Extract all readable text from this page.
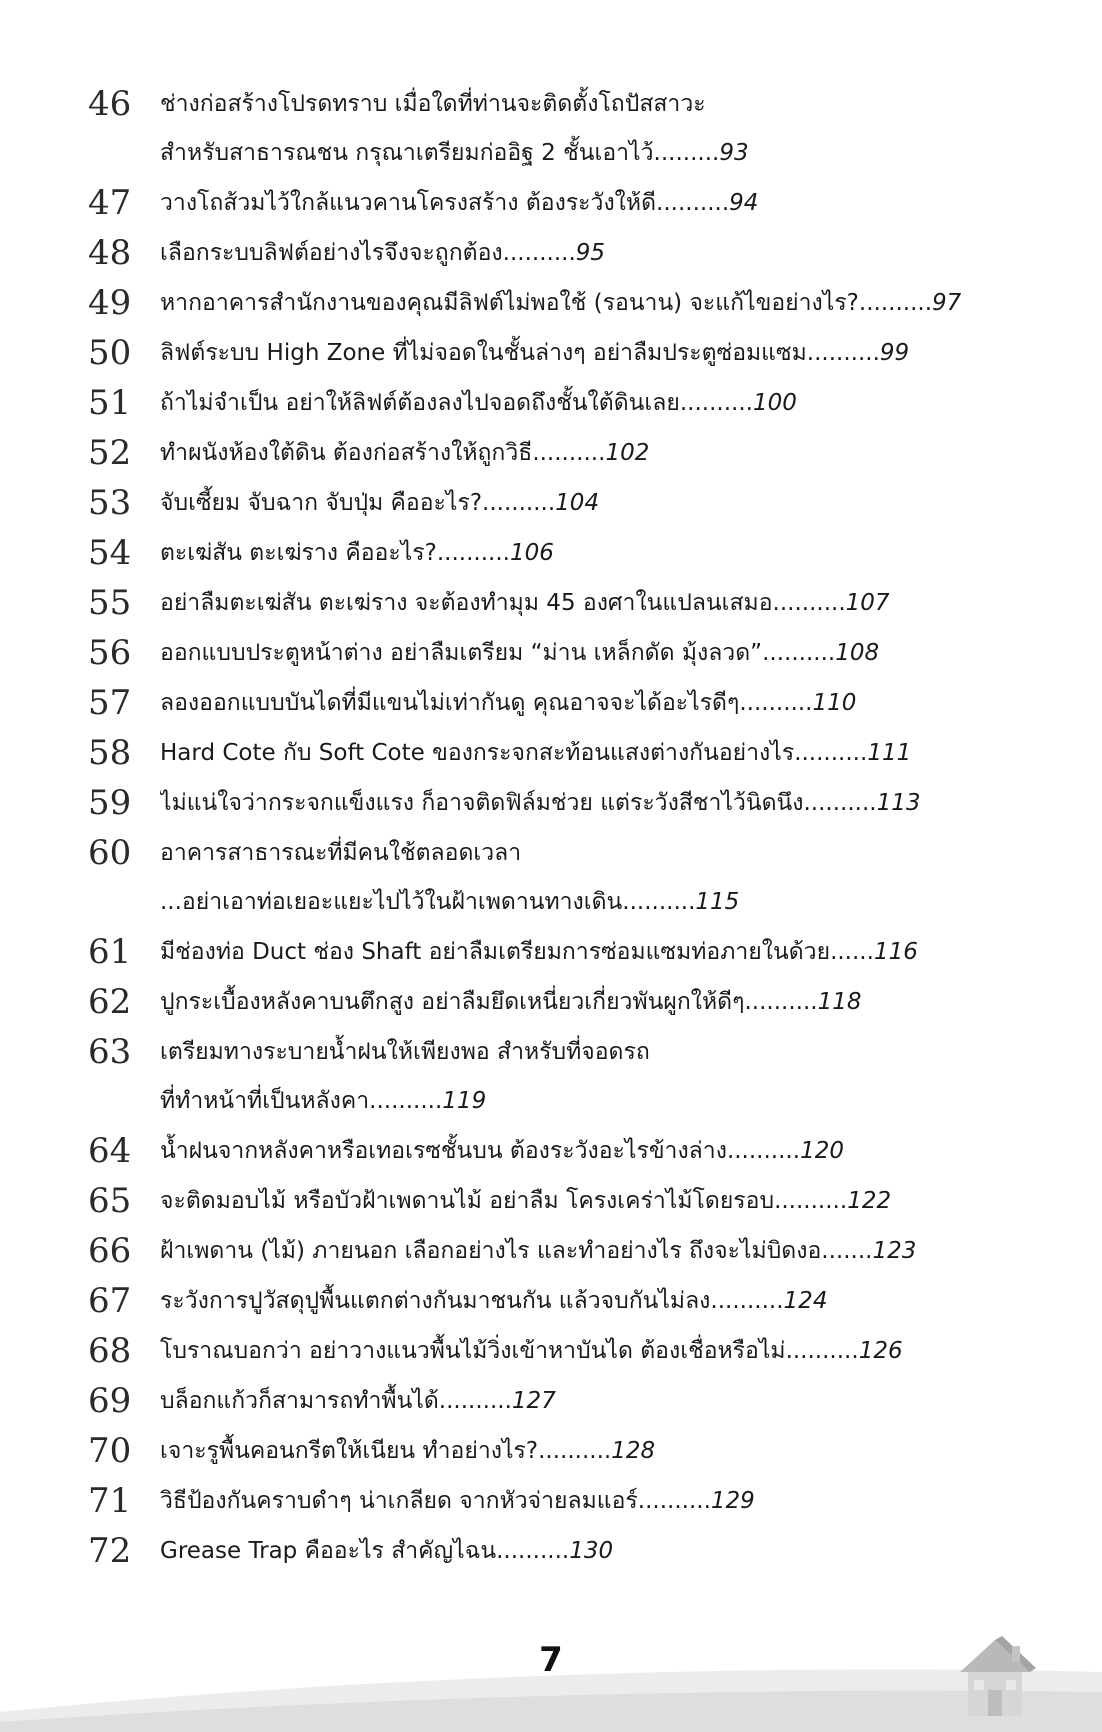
46	ช่างก่อสร้างโปรดทราบ เมื่อใดที่ท่านจะติดตั้งโถปัสสาวะ
สำหรับสาธารณชน กรุณาเตรียมก่ออิฐ 2 ชั้นเอาไว้.........93
47	วางโถส้วมไว้ใกล้แนวคานโครงสร้าง ต้องระวังให้ดี..........94
48	เลือกระบบลิฟต์อย่างไรจึงจะถูกต้อง..........95
49	หากอาคารสำนักงานของคุณมีลิฟต์ไม่พอใช้ (รอนาน) จะแก้ไขอย่างไร?..........97
50	ลิฟต์ระบบ High Zone ที่ไม่จอดในชั้นล่างๆ อย่าลืมประตูซ่อมแซม..........99
51	ถ้าไม่จำเป็น อย่าให้ลิฟต์ต้องลงไปจอดถึงชั้นใต้ดินเลย..........100
52	ทำผนังห้องใต้ดิน ต้องก่อสร้างให้ถูกวิธี..........102
53	จับเซี้ยม จับฉาก จับปุ่ม คืออะไร?..........104
54	ตะเฆ่สัน ตะเฆ่ราง คืออะไร?..........106
55	อย่าลืมตะเฆ่สัน ตะเฆ่ราง จะต้องทำมุม 45 องศาในแปลนเสมอ..........107
56	ออกแบบประตูหน้าต่าง อย่าลืมเตรียม “ม่าน เหล็กดัด มุ้งลวด”..........108
57	ลองออกแบบบันไดที่มีแขนไม่เท่ากันดู คุณอาจจะได้อะไรดีๆ..........110
58	Hard Cote กับ Soft Cote ของกระจกสะท้อนแสงต่างกันอย่างไร..........111
59	ไม่แน่ใจว่ากระจกแข็งแรง ก็อาจติดฟิล์มช่วย แต่ระวังสีชาไว้นิดนึง..........113
60	อาคารสาธารณะที่มีคนใช้ตลอดเวลา
...อย่าเอาท่อเยอะแยะไปไว้ในฝ้าเพดานทางเดิน..........115
61	มีช่องท่อ Duct ช่อง Shaft อย่าลืมเตรียมการซ่อมแซมท่อภายในด้วย......116
62	ปูกระเบื้องหลังคาบนตึกสูง อย่าลืมยึดเหนี่ยวเกี่ยวพันผูกให้ดีๆ..........118
63	เตรียมทางระบายน้ำฝนให้เพียงพอ สำหรับที่จอดรถ
ที่ทำหน้าที่เป็นหลังคา..........119
64	น้ำฝนจากหลังคาหรือเทอเรซชั้นบน ต้องระวังอะไรข้างล่าง..........120
65	จะติดมอบไม้ หรือบัวฝ้าเพดานไม้ อย่าลืม โครงเคร่าไม้โดยรอบ..........122
66	ฝ้าเพดาน (ไม้) ภายนอก เลือกอย่างไร และทำอย่างไร ถึงจะไม่บิดงอ.......123
67	ระวังการปูวัสดุปูพื้นแตกต่างกันมาชนกัน แล้วจบกันไม่ลง..........124
68	โบราณบอกว่า อย่าวางแนวพื้นไม้วิ่งเข้าหาบันได ต้องเชื่อหรือไม่..........126
69	บล็อกแก้วก็สามารถทำพื้นได้..........127
70	เจาะรูพื้นคอนกรีตให้เนียน ทำอย่างไร?..........128
71	วิธีป้องกันคราบดำๆ น่าเกลียด จากหัวจ่ายลมแอร์..........129
72	Grease Trap คืออะไร สำคัญไฉน..........130
7
